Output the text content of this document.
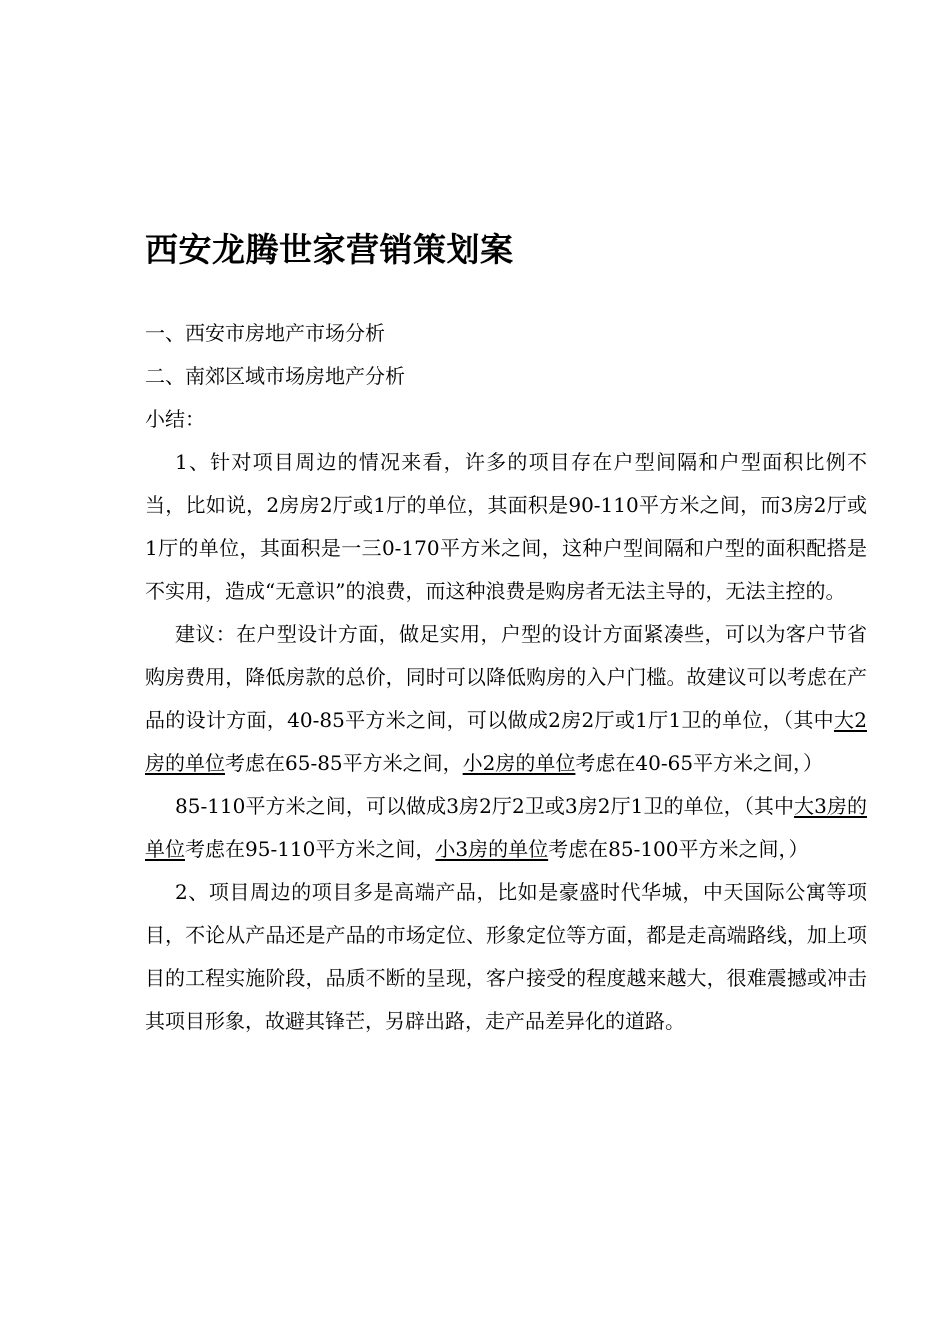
西安龙腾世家营销策划案
一、西安市房地产市场分析
二、南郊区域市场房地产分析
小结：

1、针对项目周边的情况来看，许多的项目存在户型间隔和户型面积比例不当，比如说，2房房2厅或1厅的单位，其面积是90-110平方米之间，而3房2厅或1厅的单位，其面积是一三0-170平方米之间，这种户型间隔和户型的面积配搭是不实用，造成“无意识”的浪费，而这种浪费是购房者无法主导的，无法主控的。

建议：在户型设计方面，做足实用，户型的设计方面紧凑些，可以为客户节省购房费用，降低房款的总价，同时可以降低购房的入户门槛。故建议可以考虑在产品的设计方面，40-85平方米之间，可以做成2房2厅或1厅1卫的单位，（其中大2房的单位考虑在65-85平方米之间，小2房的单位考虑在40-65平方米之间，）

85-110平方米之间，可以做成3房2厅2卫或3房2厅1卫的单位，（其中大3房的单位考虑在95-110平方米之间，小3房的单位考虑在85-100平方米之间，）

2、项目周边的项目多是高端产品，比如是豪盛时代华城，中天国际公寓等项目，不论从产品还是产品的市场定位、形象定位等方面，都是走高端路线，加上项目的工程实施阶段，品质不断的呈现，客户接受的程度越来越大，很难震撼或冲击其项目形象，故避其锋芒，另辟出路，走产品差异化的道路。
